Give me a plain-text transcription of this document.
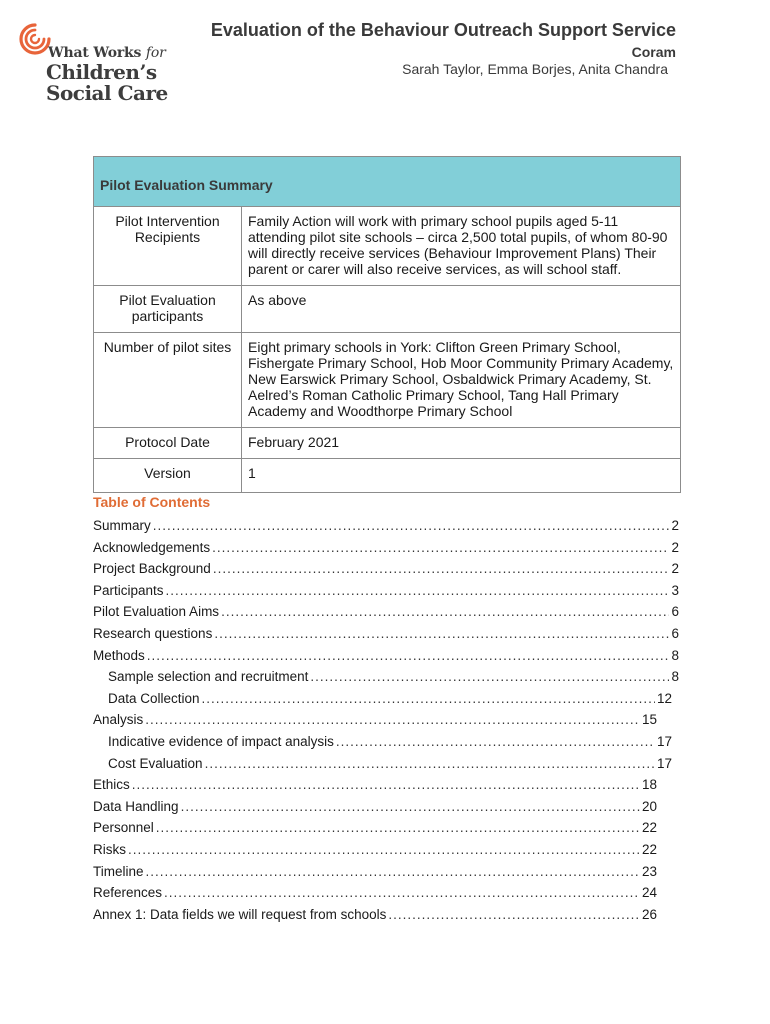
What Works for
Children’s
Social Care
Evaluation of the Behaviour Outreach Support Service
Coram
Sarah Taylor, Emma Borjes, Anita Chandra
Pilot Evaluation Summary	
Pilot Intervention Recipients	Family Action will work with primary school pupils aged 5-11 attending pilot site schools – circa 2,500 total pupils, of whom 80-90 will directly receive services (Behaviour Improvement Plans) Their parent or carer will also receive services, as will school staff.
Pilot Evaluation participants	As above
Number of pilot sites	Eight primary schools in York: Clifton Green Primary School, Fishergate Primary School, Hob Moor Community Primary Academy, New Earswick Primary School, Osbaldwick Primary Academy, St. Aelred’s Roman Catholic Primary School, Tang Hall Primary Academy and Woodthorpe Primary School
Protocol Date	February 2021
Version	1
Table of Contents
Summary .....	2
Acknowledgements .....	2
Project Background .....	2
Participants .....	3
Pilot Evaluation Aims .....	6
Research questions .....	6
Methods .....	8
Sample selection and recruitment .....	8
Data Collection .....	12
Analysis .....	15
Indicative evidence of impact analysis .....	17
Cost Evaluation .....	17
Ethics .....	18
Data Handling .....	20
Personnel .....	22
Risks .....	22
Timeline .....	23
References .....	24
Annex 1: Data fields we will request from schools .....	26
